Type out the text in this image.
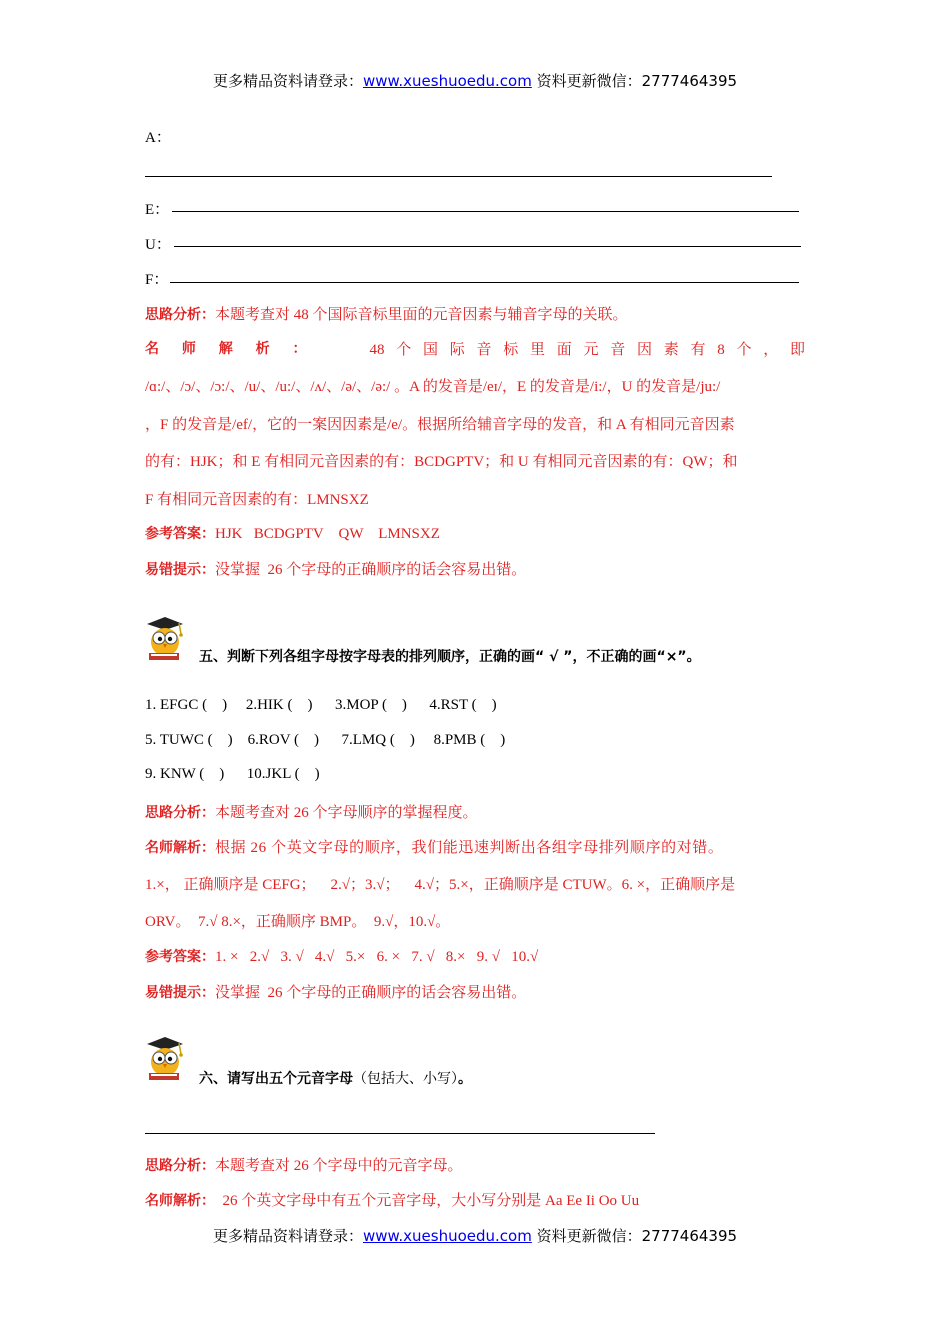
更多精品资料请登录：www.xueshuoedu.com 资料更新微信：2777464395
A：
E：
U：
F：
思路分析：本题考查对 48 个国际音标里面的元音因素与辅音字母的关联。
名 师 解 析 ：	48 个 国 际 音 标 里 面 元 音 因 素 有 8 个 ， 即
/ɑ:/、/ɔ/、/ɔ:/、/u/、/u:/、/ʌ/、/ə/、/ə:/ 。A 的发音是/eɪ/，E 的发音是/i:/，U 的发音是/ju:/
，F 的发音是/ef/，它的一案因因素是/e/。根据所给辅音字母的发音，和 A 有相同元音因素
的有：HJK；和 E 有相同元音因素的有：BCDGPTV；和 U 有相同元音因素的有：QW；和
F 有相同元音因素的有：LMNSXZ
参考答案：HJK   BCDGPTV    QW    LMNSXZ
易错提示：没掌握  26 个字母的正确顺序的话会容易出错。
五、判断下列各组字母按字母表的排列顺序，正确的画“ √ ”，不正确的画“×”。
1. EFGC (    )     2.HIK (    )      3.MOP (    )      4.RST (    )
5. TUWC (    )    6.ROV (    )      7.LMQ (    )     8.PMB (    )
9. KNW (    )      10.JKL (    )
思路分析：本题考查对 26 个字母顺序的掌握程度。
名师解析：根据 26 个英文字母的顺序，我们能迅速判断出各组字母排列顺序的对错。
1.×， 正确顺序是 CEFG；    2.√；3.√；    4.√；5.×，正确顺序是 CTUW。6. ×，正确顺序是
ORV。  7.√ 8.×，正确顺序 BMP。  9.√，10.√。
参考答案：1. ×   2.√   3. √   4.√   5.×   6. ×   7. √   8.×   9. √   10.√
易错提示：没掌握  26 个字母的正确顺序的话会容易出错。
六、请写出五个元音字母（包括大、小写）。
思路分析：本题考查对 26 个字母中的元音字母。
名师解析：  26 个英文字母中有五个元音字母，大小写分别是 Aa Ee Ii Oo Uu
更多精品资料请登录：www.xueshuoedu.com 资料更新微信：2777464395
